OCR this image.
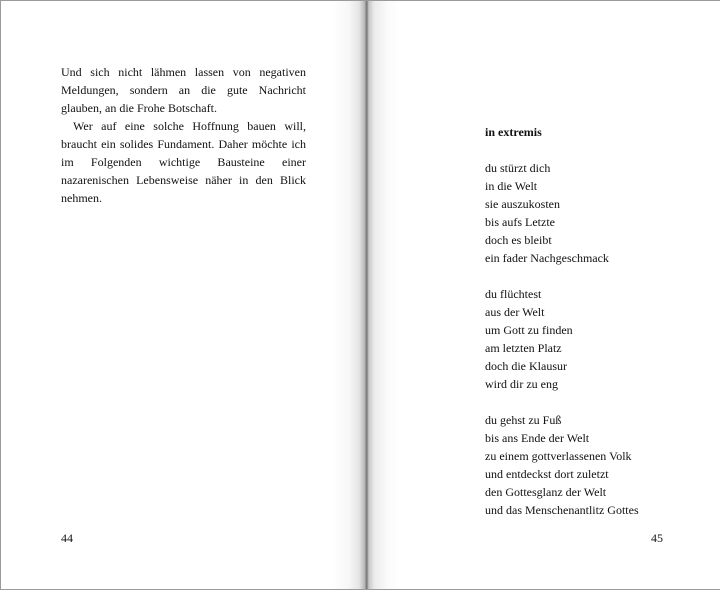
Und sich nicht lähmen lassen von negativen Meldungen, sondern an die gute Nachricht glauben, an die Frohe Botschaft.

Wer auf eine solche Hoffnung bauen will, braucht ein solides Fundament. Daher möchte ich im Folgenden wichtige Bausteine einer nazarenischen Lebensweise näher in den Blick nehmen.

44
in extremis
du stürzt dich
in die Welt
sie auszukosten
bis aufs Letzte
doch es bleibt
ein fader Nachgeschmack
du flüchtest
aus der Welt
um Gott zu finden
am letzten Platz
doch die Klausur
wird dir zu eng
du gehst zu Fuß
bis ans Ende der Welt
zu einem gottverlassenen Volk
und entdeckst dort zuletzt
den Gottesglanz der Welt
und das Menschenantlitz Gottes
45
